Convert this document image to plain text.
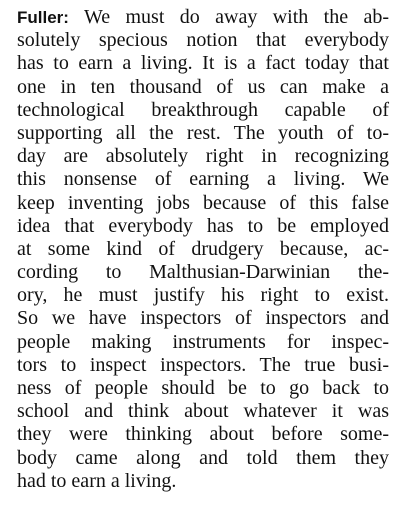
Fuller: We must do away with the ab-
solutely specious notion that everybody
has to earn a living. It is a fact today that
one in ten thousand of us can make a
technological breakthrough capable of
supporting all the rest. The youth of to-
day are absolutely right in recognizing
this nonsense of earning a living. We
keep inventing jobs because of this false
idea that everybody has to be employed
at some kind of drudgery because, ac-
cording to Malthusian-Darwinian the-
ory, he must justify his right to exist.
So we have inspectors of inspectors and
people making instruments for inspec-
tors to inspect inspectors. The true busi-
ness of people should be to go back to
school and think about whatever it was
they were thinking about before some-
body came along and told them they
had to earn a living.
